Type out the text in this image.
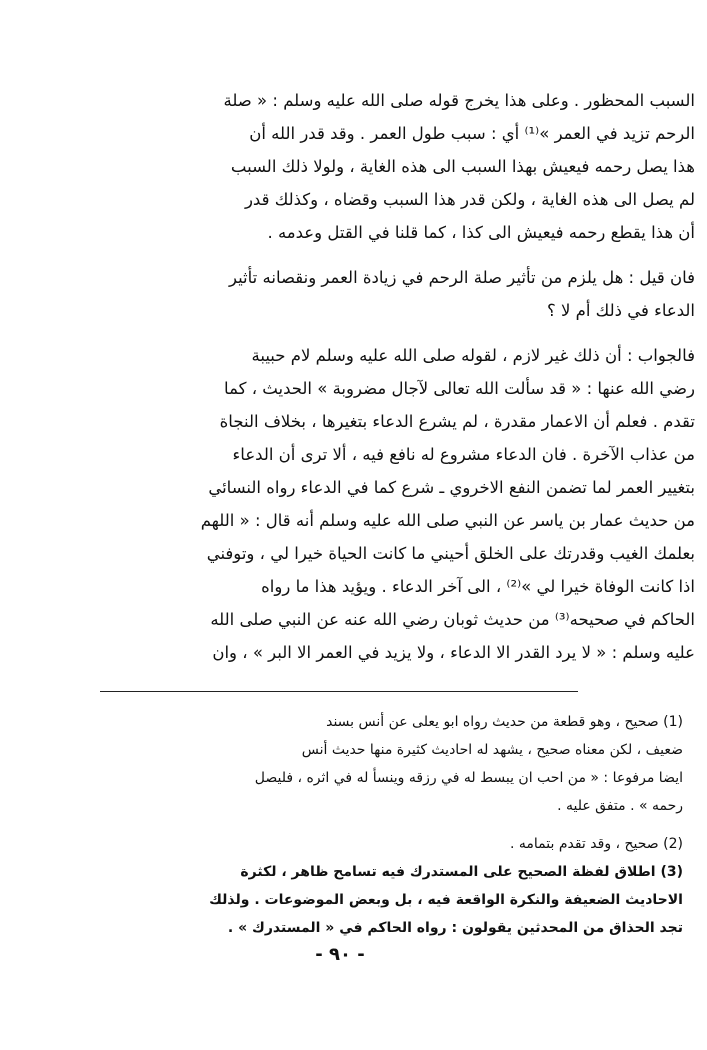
السبب المحظور . وعلى هذا يخرج قوله صلى الله عليه وسلم : « صلة
الرحم تزيد في العمر »⁽¹⁾ أي : سبب طول العمر . وقد قدر الله أن
هذا يصل رحمه فيعيش بهذا السبب الى هذه الغاية ، ولولا ذلك السبب
لم يصل الى هذه الغاية ، ولكن قدر هذا السبب وقضاه ، وكذلك قدر
أن هذا يقطع رحمه فيعيش الى كذا ، كما قلنا في القتل وعدمه .
فان قيل : هل يلزم من تأثير صلة الرحم في زيادة العمر ونقصانه تأثير
الدعاء في ذلك أم لا ؟
فالجواب : أن ذلك غير لازم ، لقوله صلى الله عليه وسلم لام حبيبة
رضي الله عنها : « قد سألت الله تعالى لآجال مضروبة » الحديث ، كما
تقدم . فعلم أن الاعمار مقدرة ، لم يشرع الدعاء بتغيرها ، بخلاف النجاة
من عذاب الآخرة . فان الدعاء مشروع له نافع فيه ، ألا ترى أن الدعاء
بتغيير العمر لما تضمن النفع الاخروي ـ شرع كما في الدعاء رواه النسائي
من حديث عمار بن ياسر عن النبي صلى الله عليه وسلم أنه قال : « اللهم
بعلمك الغيب وقدرتك على الخلق أحيني ما كانت الحياة خيرا لي ، وتوفني
اذا كانت الوفاة خيرا لي »⁽²⁾ ، الى آخر الدعاء . ويؤيد هذا ما رواه
الحاكم في صحيحه⁽³⁾ من حديث ثوبان رضي الله عنه عن النبي صلى الله
عليه وسلم : « لا يرد القدر الا الدعاء ، ولا يزيد في العمر الا البر » ، وان
(1) صحيح ، وهو قطعة من حديث رواه ابو يعلى عن أنس بسند
ضعيف ، لكن معناه صحيح ، يشهد له احاديث كثيرة منها حديث أنس
ايضا مرفوعا : « من احب ان يبسط له في رزقه وينسأ له في اثره ، فليصل
رحمه » . متفق عليه .
(2) صحيح ، وقد تقدم بتمامه .
(3) اطلاق لفظة الصحيح على المستدرك فيه تسامح ظاهر ، لكثرة
الاحاديث الضعيفة والنكرة الواقعة فيه ، بل وبعض الموضوعات . ولذلك
تجد الحذاق من المحدثين يقولون : رواه الحاكم في « المستدرك » .
- ٩٠ -
